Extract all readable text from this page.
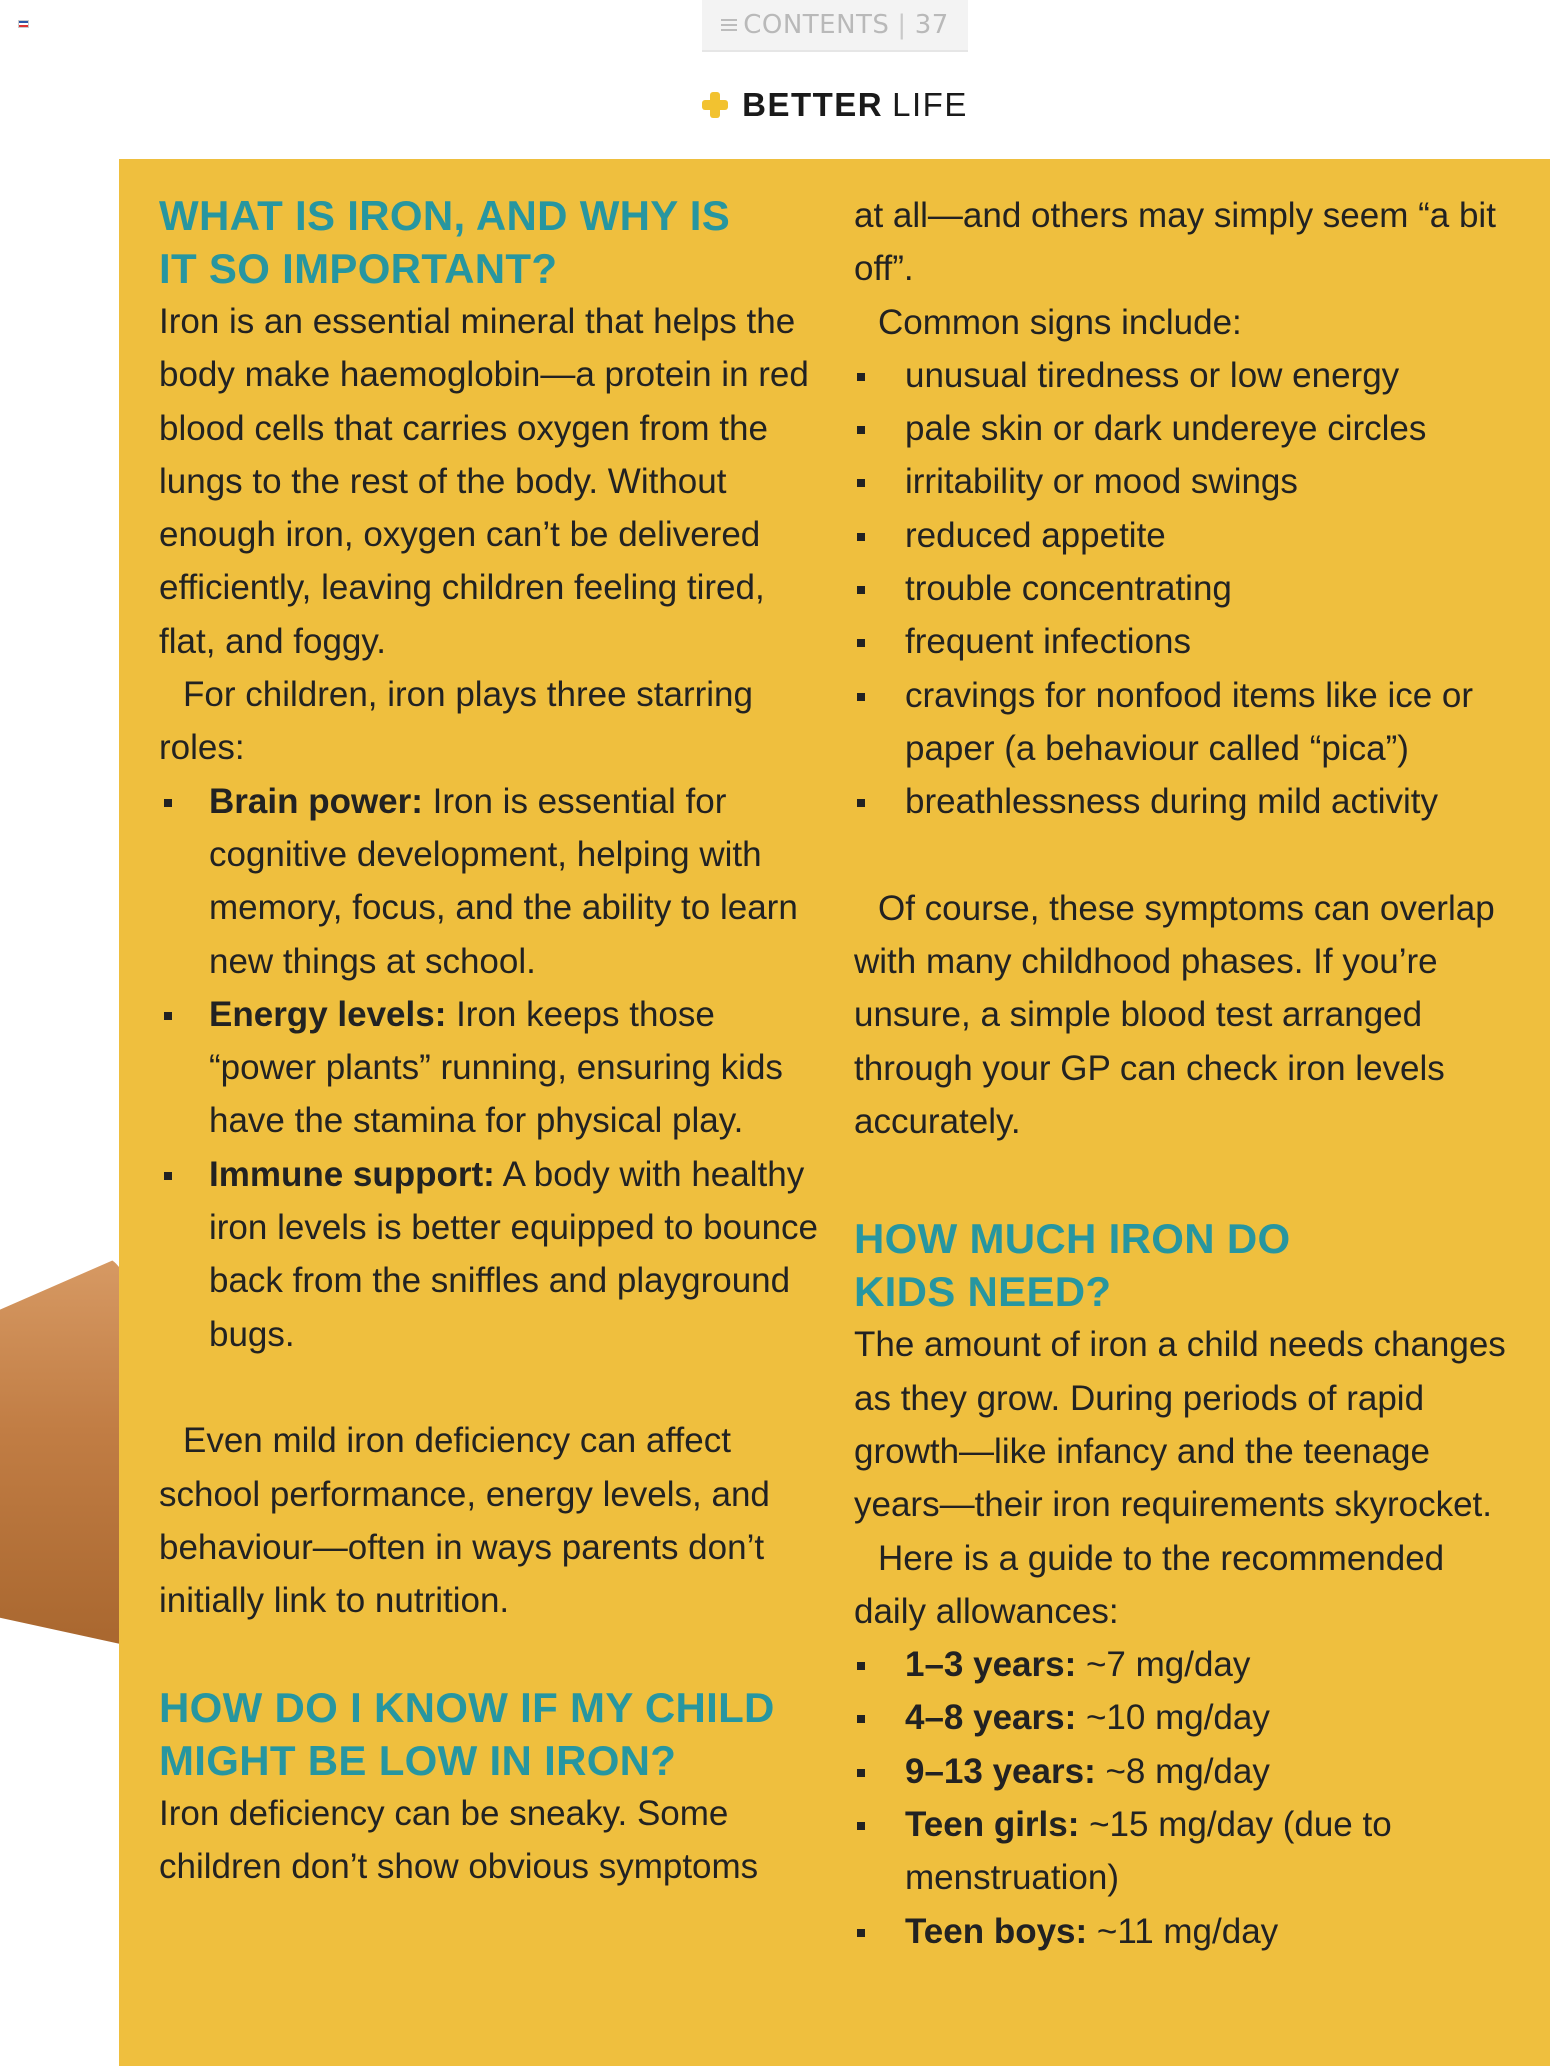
CONTENTS | 37
BETTER LIFE
WHAT IS IRON, AND WHY IS
IT SO IMPORTANT?

Iron is an essential mineral that helps the body make haemoglobin—a protein in red blood cells that carries oxygen from the lungs to the rest of the body. Without enough iron, oxygen can’t be delivered efficiently, leaving children feeling tired, flat, and foggy.

For children, iron plays three starring roles:

Brain power: Iron is essential for cognitive development, helping with memory, focus, and the ability to learn new things at school.
Energy levels: Iron keeps those “power plants” running, ensuring kids have the stamina for physical play.
Immune support: A body with healthy iron levels is better equipped to bounce back from the sniffles and playground bugs.

Even mild iron deficiency can affect school performance, energy levels, and behaviour—often in ways parents don’t initially link to nutrition.

HOW DO I KNOW IF MY CHILD
MIGHT BE LOW IN IRON?

Iron deficiency can be sneaky. Some children don’t show obvious symptoms

at all—and others may simply seem “a bit off”.

Common signs include:

unusual tiredness or low energy
pale skin or dark undereye circles
irritability or mood swings
reduced appetite
trouble concentrating
frequent infections
cravings for nonfood items like ice or paper (a behaviour called “pica”)
breathlessness during mild activity

Of course, these symptoms can overlap with many childhood phases. If you’re unsure, a simple blood test arranged through your GP can check iron levels accurately.

HOW MUCH IRON DO
KIDS NEED?

The amount of iron a child needs changes as they grow. During periods of rapid growth—like infancy and the teenage years—their iron requirements skyrocket.

Here is a guide to the recommended daily allowances:

1–3 years: ~7 mg/day
4–8 years: ~10 mg/day
9–13 years: ~8 mg/day
Teen girls: ~15 mg/day (due to menstruation)
Teen boys: ~11 mg/day
